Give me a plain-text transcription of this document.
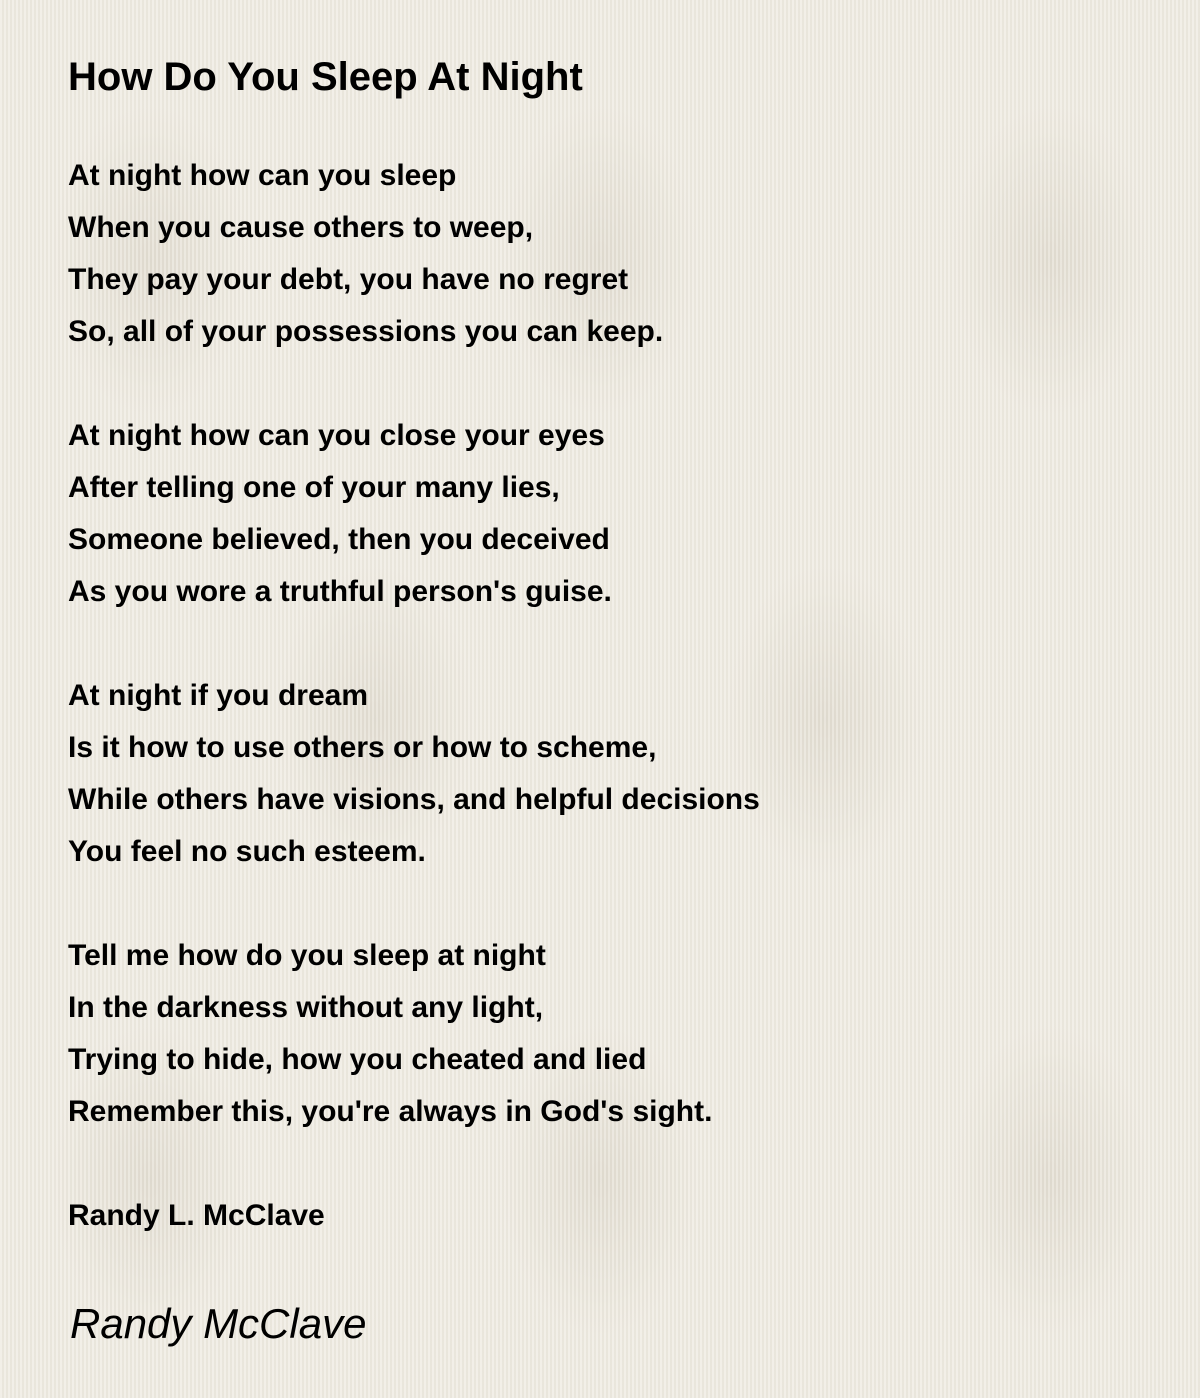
How Do You Sleep At Night
At night how can you sleep
When you cause others to weep,
They pay your debt, you have no regret
So, all of your possessions you can keep.
At night how can you close your eyes
After telling one of your many lies,
Someone believed, then you deceived
As you wore a truthful person's guise.
At night if you dream
Is it how to use others or how to scheme,
While others have visions, and helpful decisions
You feel no such esteem.
Tell me how do you sleep at night
In the darkness without any light,
Trying to hide, how you cheated and lied
Remember this, you're always in God's sight.
Randy L. McClave
Randy McClave
